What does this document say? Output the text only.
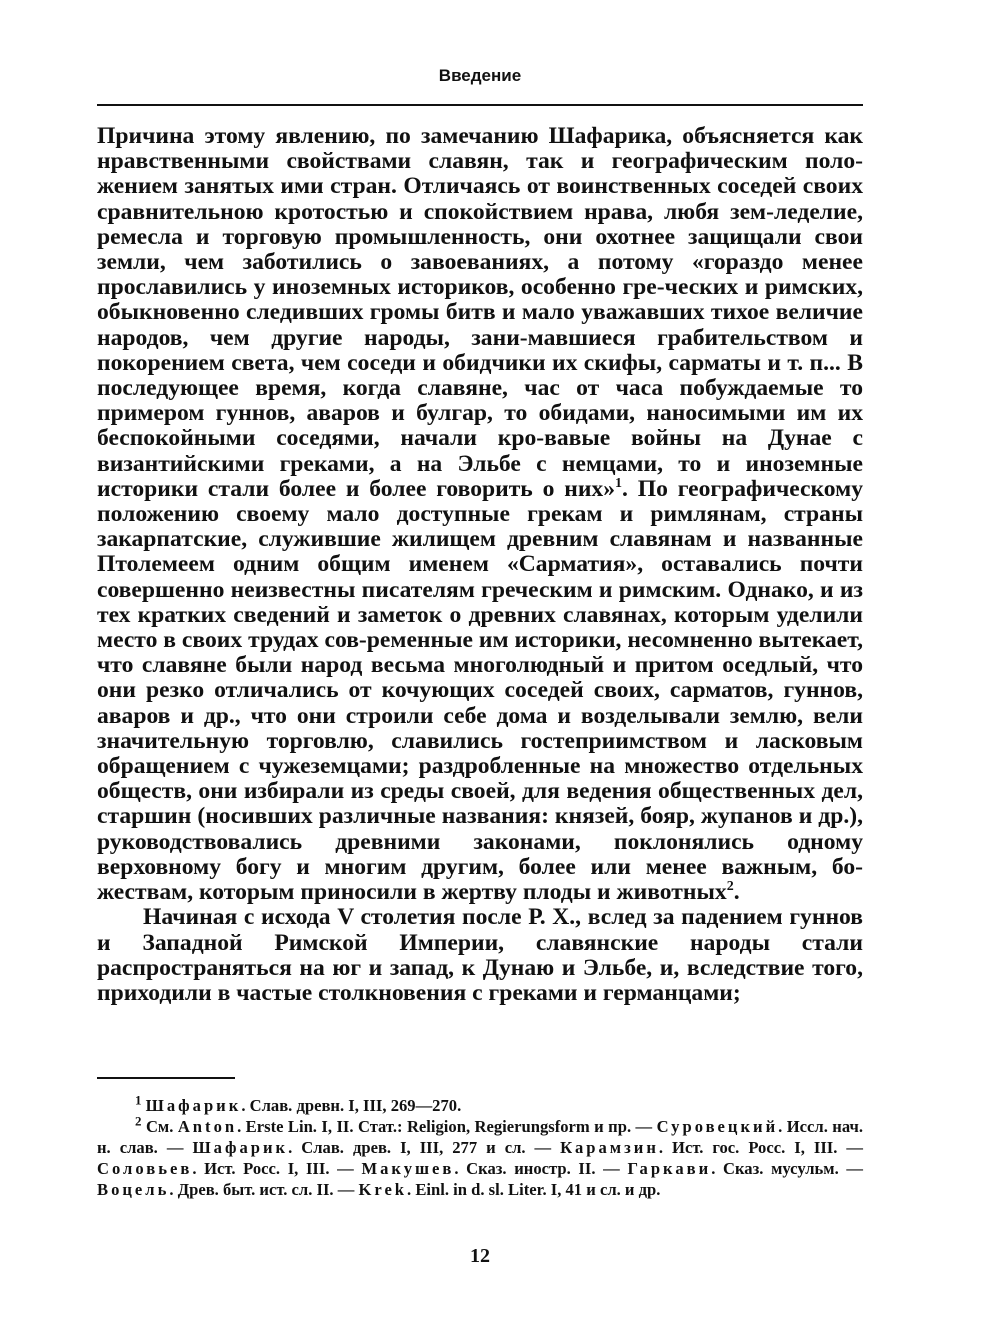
Введение

Причина этому явлению, по замечанию Шафарика, объясняется как нравственными свойствами славян, так и географическим поло-жением занятых ими стран. Отличаясь от воинственных соседей своих сравнительною кротостью и спокойствием нрава, любя зем-леделие, ремесла и торговую промышленность, они охотнее защищали свои земли, чем заботились о завоеваниях, а потому «гораздо менее прославились у иноземных историков, особенно гре-ческих и римских, обыкновенно следивших громы битв и мало уважавших тихое величие народов, чем другие народы, зани-мавшиеся грабительством и покорением света, чем соседи и обидчики их скифы, сарматы и т. п... В последующее время, когда славяне, час от часа побуждаемые то примером гуннов, аваров и булгар, то обидами, наносимыми им их беспокойными соседями, начали кро-вавые войны на Дунае с византийскими греками, а на Эльбе с немцами, то и иноземные историки стали более и более говорить о них»$^1$. По географическому положению своему мало доступные грекам и римлянам, страны закарпатские, служившие жилищем древним славянам и названные Птолемеем одним общим именем «Сарматия», оставались почти совершенно неизвестны писателям греческим и римским. Однако, и из тех кратких сведений и заметок о древних славянах, которым уделили место в своих трудах сов-ременные им историки, несомненно вытекает, что славяне были народ весьма многолюдный и притом оседлый, что они резко отличались от кочующих соседей своих, сарматов, гуннов, аваров и др., что они строили себе дома и возделывали землю, вели значительную торговлю, славились гостеприимством и ласковым обращением с чужеземцами; раздробленные на множество отдельных обществ, они избирали из среды своей, для ведения общественных дел, старшин (носивших различные названия: князей, бояр, жупанов и др.), руководствовались древними законами, поклонялись одному верховному богу и многим другим, более или менее важным, бо-жествам, которым приносили в жертву плоды и животных$^2$.

Начиная с исхода V столетия после Р. Х., вслед за падением гуннов и Западной Римской Империи, славянские народы стали распространяться на юг и запад, к Дунаю и Эльбе, и, вследствие того, приходили в частые столкновения с греками и германцами;

$^1$ Шафарик. Слав. древн. I, III, 269—270.

$^2$ См. Anton. Erste Lin. I, II. Стат.: Religion, Regierungsform и пр. — Суровецкий. Иссл. нач. н. слав. — Шафарик. Слав. древ. I, III, 277 и сл. — Карамзин. Ист. гос. Росс. I, III. — Соловьев. Ист. Росс. I, III. — Макушев. Сказ. иностр. II. — Гаркави. Сказ. мусульм. — Воцель. Древ. быт. ист. сл. II. — Krek. Einl. in d. sl. Liter. I, 41 и сл. и др.

12
